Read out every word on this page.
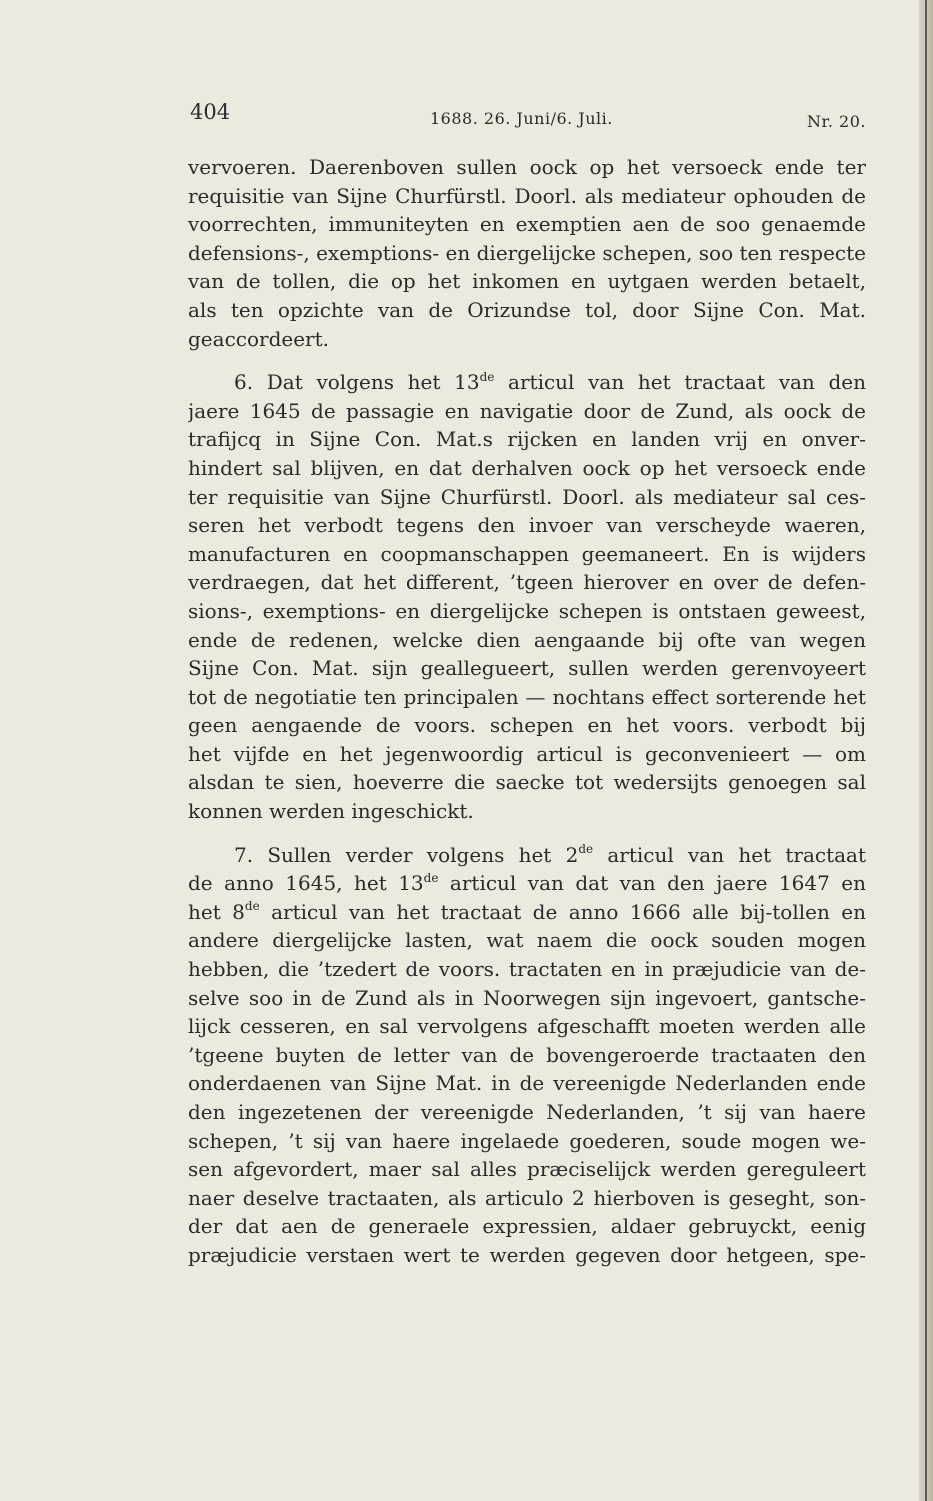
404	1688. 26. Juni/6. Juli.	Nr. 20.
vervoeren. Daerenboven sullen oock op het versoeck ende ter
requisitie van Sijne Churfürstl. Doorl. als mediateur ophouden de
voorrechten, immuniteyten en exemptien aen de soo genaemde
defensions-, exemptions- en diergelijcke schepen, soo ten respecte
van de tollen, die op het inkomen en uytgaen werden betaelt,
als ten opzichte van de Orizundse tol, door Sijne Con. Mat.
geaccordeert.
6. Dat volgens het 13de articul van het tractaat van den
jaere 1645 de passagie en navigatie door de Zund, als oock de
trafijcq in Sijne Con. Mat.s rijcken en landen vrij en onver-
hindert sal blijven, en dat derhalven oock op het versoeck ende
ter requisitie van Sijne Churfürstl. Doorl. als mediateur sal ces-
seren het verbodt tegens den invoer van verscheyde waeren,
manufacturen en coopmanschappen geemaneert. En is wijders
verdraegen, dat het different, ’tgeen hierover en over de defen-
sions-, exemptions- en diergelijcke schepen is ontstaen geweest,
ende de redenen, welcke dien aengaande bij ofte van wegen
Sijne Con. Mat. sijn geallegueert, sullen werden gerenvoyeert
tot de negotiatie ten principalen — nochtans effect sorterende het
geen aengaende de voors. schepen en het voors. verbodt bij
het vijfde en het jegenwoordig articul is geconvenieert — om
alsdan te sien, hoeverre die saecke tot wedersijts genoegen sal
konnen werden ingeschickt.
7. Sullen verder volgens het 2de articul van het tractaat
de anno 1645, het 13de articul van dat van den jaere 1647 en
het 8de articul van het tractaat de anno 1666 alle bij-tollen en
andere diergelijcke lasten, wat naem die oock souden mogen
hebben, die ’tzedert de voors. tractaten en in præjudicie van de-
selve soo in de Zund als in Noorwegen sijn ingevoert, gantsche-
lijck cesseren, en sal vervolgens afgeschafft moeten werden alle
’tgeene buyten de letter van de bovengeroerde tractaaten den
onderdaenen van Sijne Mat. in de vereenigde Nederlanden ende
den ingezetenen der vereenigde Nederlanden, ’t sij van haere
schepen, ’t sij van haere ingelaede goederen, soude mogen we-
sen afgevordert, maer sal alles præciselijck werden gereguleert
naer deselve tractaaten, als articulo 2 hierboven is geseght, son-
der dat aen de generaele expressien, aldaer gebruyckt, eenig
præjudicie verstaen wert te werden gegeven door hetgeen, spe-
